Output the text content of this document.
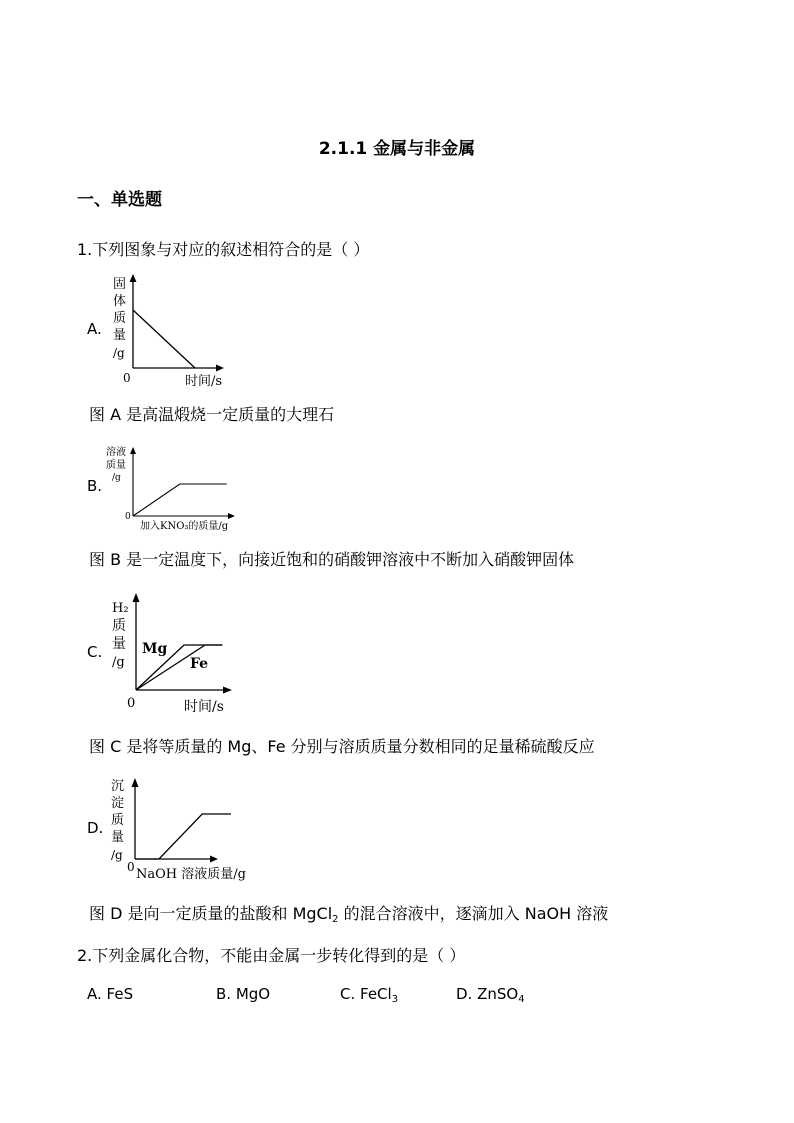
2.1.1 金属与非金属
一、单选题
1.下列图象与对应的叙述相符合的是（ ）
A.
固
体
质
量
/g
0	时间/s
图 A 是高温煅烧一定质量的大理石
B.
溶液
质量
/g
0
加入KNO₃的质量/g
图 B 是一定温度下，向接近饱和的硝酸钾溶液中不断加入硝酸钾固体
C.
H₂
质
量
/g
0	时间/s
Mg
Fe
图 C 是将等质量的 Mg、Fe 分别与溶质质量分数相同的足量稀硫酸反应
D.
沉
淀
质
量
/g
0 NaOH 溶液质量/g
图 D 是向一定质量的盐酸和 MgCl$_2$ 的混合溶液中，逐滴加入 NaOH 溶液
2.下列金属化合物，不能由金属一步转化得到的是（ ）
A. FeS	B. MgO	C. FeCl$_3$	D. ZnSO$_4$
